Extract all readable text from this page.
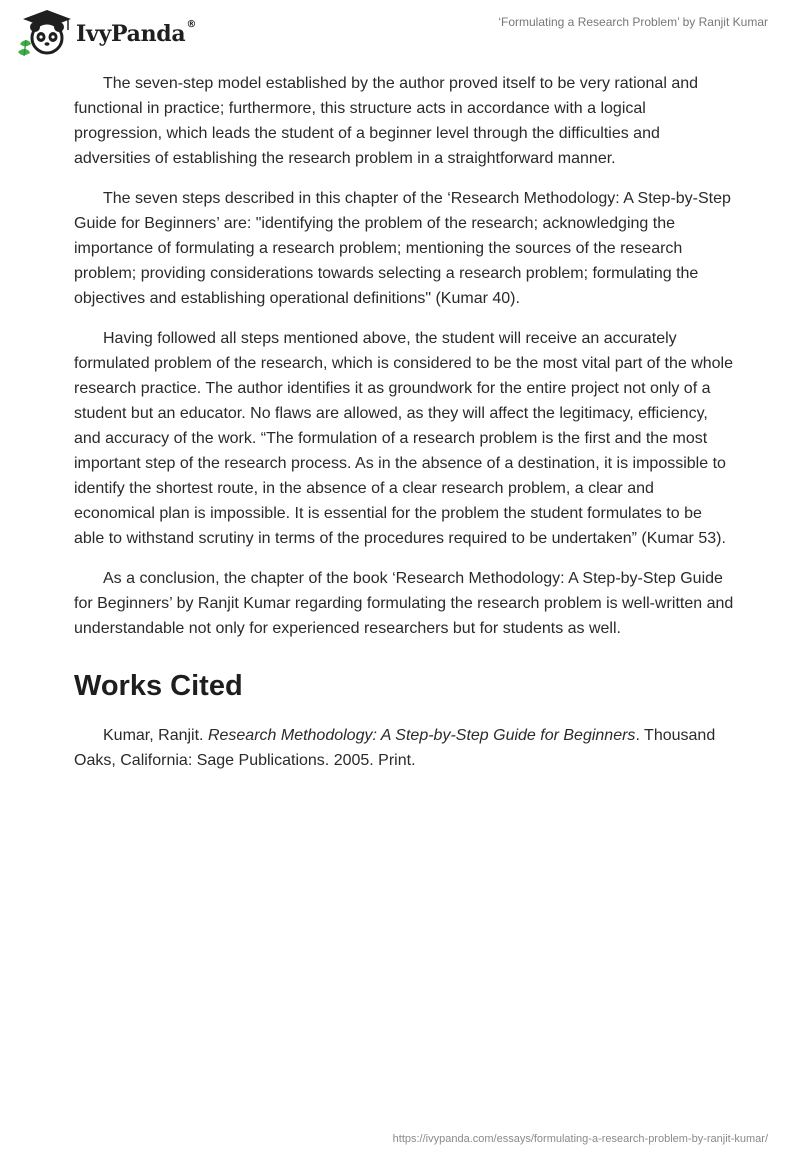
IvyPanda®	‘Formulating a Research Problem’ by Ranjit Kumar

The seven-step model established by the author proved itself to be very rational and functional in practice; furthermore, this structure acts in accordance with a logical progression, which leads the student of a beginner level through the difficulties and adversities of establishing the research problem in a straightforward manner.

The seven steps described in this chapter of the ‘Research Methodology: A Step-by-Step Guide for Beginners’ are: "identifying the problem of the research; acknowledging the importance of formulating a research problem; mentioning the sources of the research problem; providing considerations towards selecting a research problem; formulating the objectives and establishing operational definitions" (Kumar 40).

Having followed all steps mentioned above, the student will receive an accurately formulated problem of the research, which is considered to be the most vital part of the whole research practice. The author identifies it as groundwork for the entire project not only of a student but an educator. No flaws are allowed, as they will affect the legitimacy, efficiency, and accuracy of the work. “The formulation of a research problem is the first and the most important step of the research process. As in the absence of a destination, it is impossible to identify the shortest route, in the absence of a clear research problem, a clear and economical plan is impossible. It is essential for the problem the student formulates to be able to withstand scrutiny in terms of the procedures required to be undertaken” (Kumar 53).

As a conclusion, the chapter of the book ‘Research Methodology: A Step-by-Step Guide for Beginners’ by Ranjit Kumar regarding formulating the research problem is well-written and understandable not only for experienced researchers but for students as well.

Works Cited

Kumar, Ranjit. Research Methodology: A Step-by-Step Guide for Beginners. Thousand Oaks, California: Sage Publications. 2005. Print.

https://ivypanda.com/essays/formulating-a-research-problem-by-ranjit-kumar/
